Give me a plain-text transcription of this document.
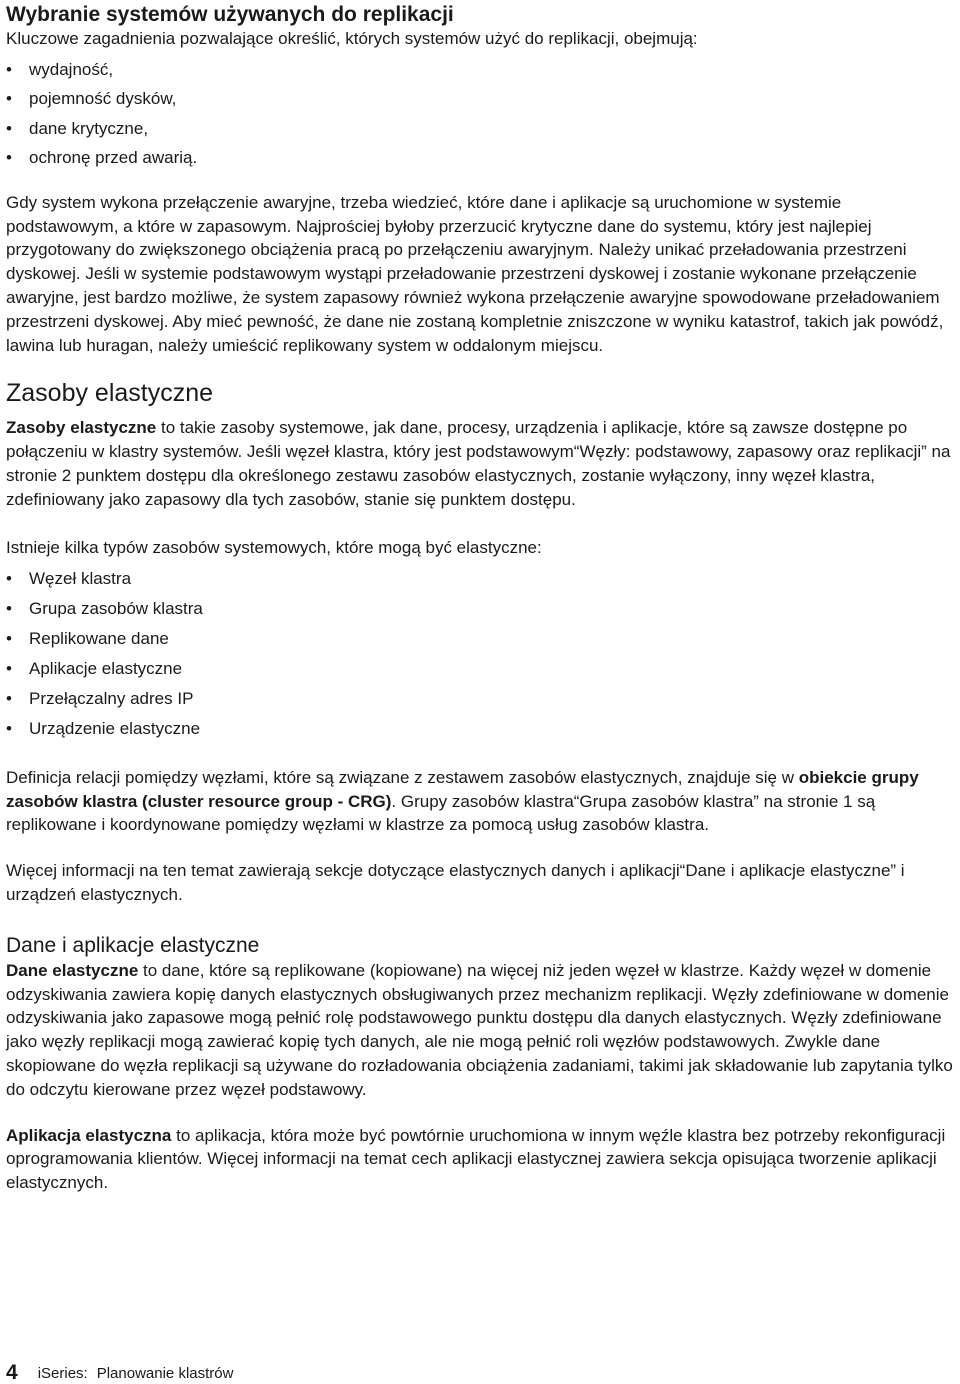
Wybranie systemów używanych do replikacji

Kluczowe zagadnienia pozwalające określić, których systemów użyć do replikacji, obejmują:

• wydajność,
• pojemność dysków,
• dane krytyczne,
• ochronę przed awarią.

Gdy system wykona przełączenie awaryjne, trzeba wiedzieć, które dane i aplikacje są uruchomione w systemie podstawowym, a które w zapasowym. Najprościej byłoby przerzucić krytyczne dane do systemu, który jest najlepiej przygotowany do zwiększonego obciążenia pracą po przełączeniu awaryjnym. Należy unikać przeładowania przestrzeni dyskowej. Jeśli w systemie podstawowym wystąpi przeładowanie przestrzeni dyskowej i zostanie wykonane przełączenie awaryjne, jest bardzo możliwe, że system zapasowy również wykona przełączenie awaryjne spowodowane przeładowaniem przestrzeni dyskowej. Aby mieć pewność, że dane nie zostaną kompletnie zniszczone w wyniku katastrof, takich jak powódź, lawina lub huragan, należy umieścić replikowany system w oddalonym miejscu.

Zasoby elastyczne

Zasoby elastyczne to takie zasoby systemowe, jak dane, procesy, urządzenia i aplikacje, które są zawsze dostępne po połączeniu w klastry systemów. Jeśli węzeł klastra, który jest podstawowym“Węzły: podstawowy, zapasowy oraz replikacji” na stronie 2 punktem dostępu dla określonego zestawu zasobów elastycznych, zostanie wyłączony, inny węzeł klastra, zdefiniowany jako zapasowy dla tych zasobów, stanie się punktem dostępu.

Istnieje kilka typów zasobów systemowych, które mogą być elastyczne:

• Węzeł klastra
• Grupa zasobów klastra
• Replikowane dane
• Aplikacje elastyczne
• Przełączalny adres IP
• Urządzenie elastyczne

Definicja relacji pomiędzy węzłami, które są związane z zestawem zasobów elastycznych, znajduje się w obiekcie grupy zasobów klastra (cluster resource group - CRG). Grupy zasobów klastra“Grupa zasobów klastra” na stronie 1 są replikowane i koordynowane pomiędzy węzłami w klastrze za pomocą usług zasobów klastra.

Więcej informacji na ten temat zawierają sekcje dotyczące elastycznych danych i aplikacji“Dane i aplikacje elastyczne” i urządzeń elastycznych.

Dane i aplikacje elastyczne

Dane elastyczne to dane, które są replikowane (kopiowane) na więcej niż jeden węzeł w klastrze. Każdy węzeł w domenie odzyskiwania zawiera kopię danych elastycznych obsługiwanych przez mechanizm replikacji. Węzły zdefiniowane w domenie odzyskiwania jako zapasowe mogą pełnić rolę podstawowego punktu dostępu dla danych elastycznych. Węzły zdefiniowane jako węzły replikacji mogą zawierać kopię tych danych, ale nie mogą pełnić roli węzłów podstawowych. Zwykle dane skopiowane do węzła replikacji są używane do rozładowania obciążenia zadaniami, takimi jak składowanie lub zapytania tylko do odczytu kierowane przez węzeł podstawowy.

Aplikacja elastyczna to aplikacja, która może być powtórnie uruchomiona w innym węźle klastra bez potrzeby rekonfiguracji oprogramowania klientów. Więcej informacji na temat cech aplikacji elastycznej zawiera sekcja opisująca tworzenie aplikacji elastycznych.

4 iSeries: Planowanie klastrów
